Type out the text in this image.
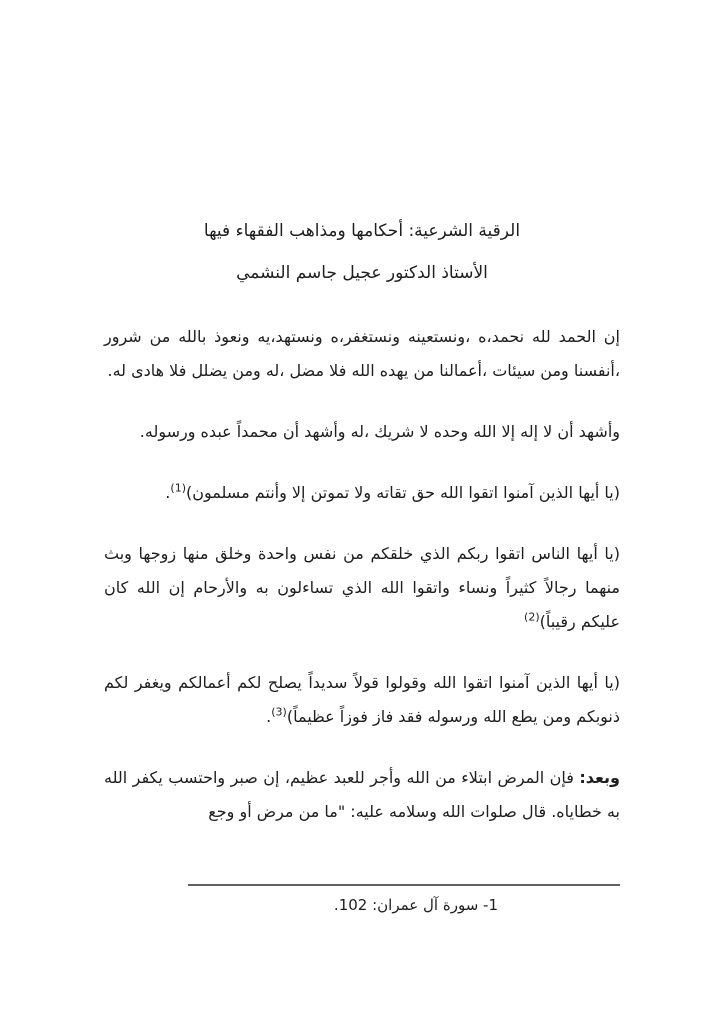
الرقية الشرعية: أحكامها ومذاهب الفقهاء فيها
الأستاذ الدكتور عجيل جاسم النشمي

إن الحمد لله نحمد،ه ،ونستعينه ونستغفر،ه ونستهد،يه ونعوذ بالله من شرور ،أنفسنا ومن سيئات ،أعمالنا من يهده الله فلا مضل ،له ومن يضلل فلا هادى له.

وأشهد أن لا إله إلا الله وحده لا شريك ،له وأشهد أن محمداً عبده ورسوله.

(يا أيها الذين آمنوا اتقوا الله حق تقاته ولا تموتن إلا وأنتم مسلمون)$^{(1)}$.

(يا أيها الناس اتقوا ربكم الذي خلقكم من نفس واحدة وخلق منها زوجها وبث منهما رجالاً كثيراً ونساء واتقوا الله الذي تساءلون به والأرحام إن الله كان عليكم رقيباً)$^{(2)}$

(يا أيها الذين آمنوا اتقوا الله وقولوا قولاً سديداً يصلح لكم أعمالكم ويغفر لكم ذنوبكم ومن يطع الله ورسوله فقد فاز فوزاً عظيماً)$^{(3)}$.

وبعد: فإن المرض ابتلاء من الله وأجر للعبد عظيم، إن صبر واحتسب يكفر الله به خطاياه. قال صلوات الله وسلامه عليه: "ما من مرض أو وجع

1- سورة آل عمران: 102.
